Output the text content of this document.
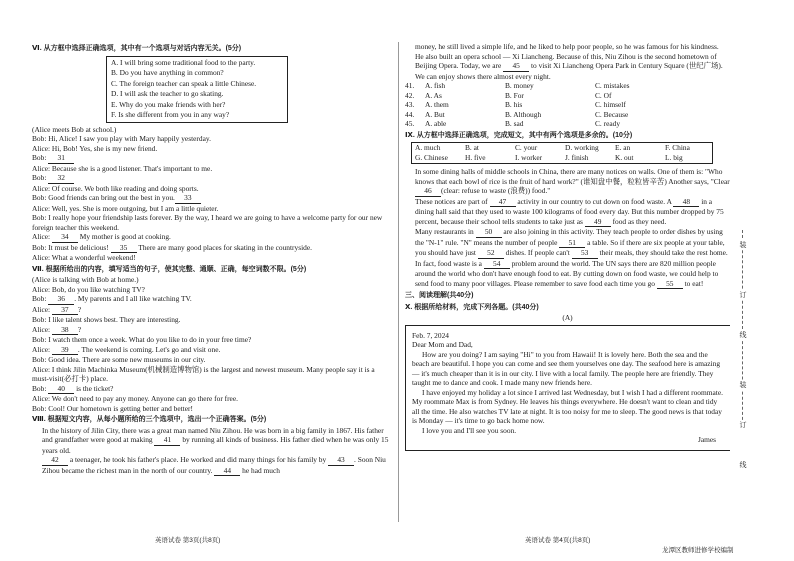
Ⅵ. 从方框中选择正确选项，其中有一个选项与对话内容无关。(5分)
A. I will bring some traditional food to the party.
B. Do you have anything in common?
C. The foreign teacher can speak a little Chinese.
D. I will ask the teacher to go skating.
E. Why do you make friends with her?
F. Is she different from you in any way?
(Alice meets Bob at school.)
Bob: Hi, Alice! I saw you play with Mary happily yesterday.
Alice: Hi, Bob! Yes, she is my new friend.
Bob: 31
Alice: Because she is a good listener. That's important to me.
Bob: 32
Alice: Of course. We both like reading and doing sports.
Bob: Good friends can bring out the best in you. 33
Alice: Well, yes. She is more outgoing, but I am a little quieter.
Bob: I really hope your friendship lasts forever. By the way, I heard we are going to have a welcome party for our new foreign teacher this weekend.
Alice: 34 My mother is good at cooking.
Bob: It must be delicious! 35 There are many good places for skating in the countryside.
Alice: What a wonderful weekend!
Ⅶ. 根据所给出的内容，填写适当的句子，使其完整、通顺、正确，每空词数不限。(5分)
(Alice is talking with Bob at home.)
Alice: Bob, do you like watching TV?
Bob: 36 . My parents and I all like watching TV.
Alice: 37 ?
Bob: I like talent shows best. They are interesting.
Alice: 38 ?
Bob: I watch them once a week. What do you like to do in your free time?
Alice: 39 . The weekend is coming. Let's go and visit one.
Bob: Good idea. There are some new museums in our city.
Alice: I think Jilin Machinka Museum(机械制造博物馆) is the largest and newest museum. Many people say it is a must-visit(必打卡) place.
Bob: 40 is the ticket?
Alice: We don't need to pay any money. Anyone can go there for free.
Bob: Cool! Our hometown is getting better and better!
Ⅷ. 根据短文内容，从每小题所给的三个选项中，选出一个正确答案。(5分)
In the history of Jilin City, there was a great man named Niu Zihou. He was born in a big family in 1867. His father and grandfather were good at making 41 by running all kinds of business. His father died when he was only 15 years old.
42 a teenager, he took his father's place. He worked and did many things for his family by 43 . Soon Niu Zihou became the richest man in the north of our country. 44 he had much
money, he still lived a simple life, and he liked to help poor people, so he was famous for his kindness.
He also built an opera school — Xi Liancheng. Because of this, Niu Zihou is the second hometown of Beijing Opera. Today, we are 45 to visit Xi Liancheng Opera Park in Century Square (世纪广场). We can enjoy shows there almost every night.
41.	A. fish	B. money	C. mistakes
42.	A. As	B. For	C. Of
43.	A. them	B. his	C. himself
44.	A. But	B. Although	C. Because
45.	A. able	B. sad	C. ready
Ⅸ. 从方框中选择正确选项，完成短文，其中有两个选项是多余的。(10分)
A. much	B. at	C. your	D. working	E. an	F. China
G. Chinese	H. five	I. worker	J. finish	K. out	L. big
In some dining halls of middle schools in China, there are many notices on walls. One of them is: "Who knows that each bowl of rice is the fruit of hard work?" (谁知盘中餐，粒粒皆辛苦) Another says, "Clear 46 (clear: refuse to waste (浪费)) food."
These notices are part of 47 activity in our country to cut down on food waste. A 48 in a dining hall said that they used to waste 100 kilograms of food every day. But this number dropped by 75 percent, because their school tells students to take just as 49 food as they need.
Many restaurants in 50 are also joining in this activity. They teach people to order dishes by using the "N-1" rule. "N" means the number of people 51 a table. So if there are six people at your table, you should have just 52 dishes. If people can't 53 their meals, they should take the rest home.
In fact, food waste is a 54 problem around the world. The UN says there are 820 million people around the world who don't have enough food to eat. By cutting down on food waste, we could help to send food to many poor villages. Please remember to save food each time you go 55 to eat!
三、阅读理解(共40分)
Ⅹ. 根据所给材料，完成下列各题。(共40分)
(A)
Feb. 7, 2024
Dear Mom and Dad,
How are you doing? I am saying "Hi" to you from Hawaii! It is lovely here. Both the sea and the beach are beautiful. I hope you can come and see them yourselves one day. The seafood here is amazing — it's much cheaper than it is in our city. I live with a local family. The people here are friendly. They taught me to dance and cook. I made many new friends here.
I have enjoyed my holiday a lot since I arrived last Wednesday, but I wish I had a different roommate. My roommate Max is from Sydney. He leaves his things everywhere. He doesn't want to clean and tidy all the time. He also watches TV late at night. It is too noisy for me to sleep. The good news is that today is Monday — it's time to go back home now.
I love you and I'll see you soon.
James
英语试卷 第3页(共8页)	英语试卷 第4页(共8页)
龙潭区教师进修学校编制
装
订
线
装
订
线
